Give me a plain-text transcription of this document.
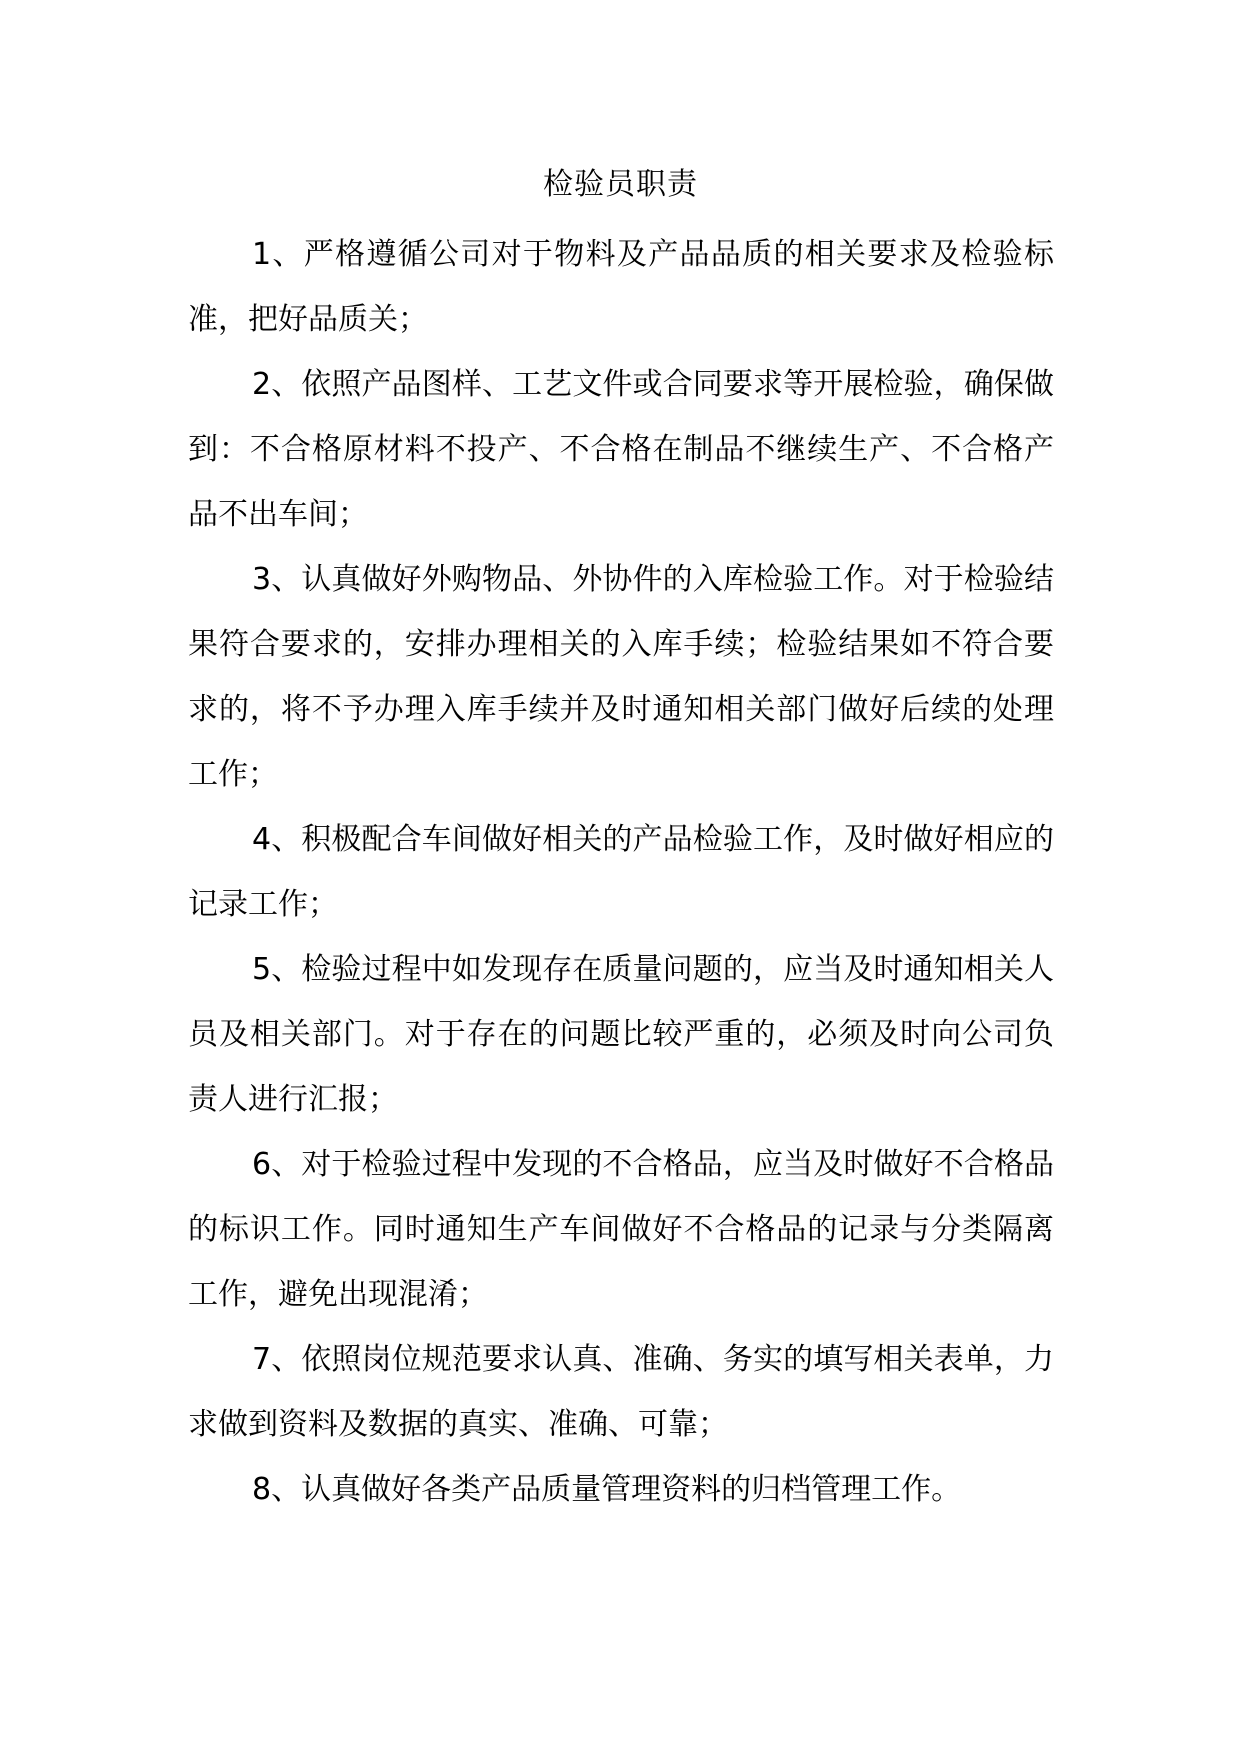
检验员职责

1、严格遵循公司对于物料及产品品质的相关要求及检验标准，把好品质关；

2、依照产品图样、工艺文件或合同要求等开展检验，确保做到：不合格原材料不投产、不合格在制品不继续生产、不合格产品不出车间；

3、认真做好外购物品、外协件的入库检验工作。对于检验结果符合要求的，安排办理相关的入库手续；检验结果如不符合要求的，将不予办理入库手续并及时通知相关部门做好后续的处理工作；

4、积极配合车间做好相关的产品检验工作，及时做好相应的记录工作；

5、检验过程中如发现存在质量问题的，应当及时通知相关人员及相关部门。对于存在的问题比较严重的，必须及时向公司负责人进行汇报；

6、对于检验过程中发现的不合格品，应当及时做好不合格品的标识工作。同时通知生产车间做好不合格品的记录与分类隔离工作，避免出现混淆；

7、依照岗位规范要求认真、准确、务实的填写相关表单，力求做到资料及数据的真实、准确、可靠；

8、认真做好各类产品质量管理资料的归档管理工作。
